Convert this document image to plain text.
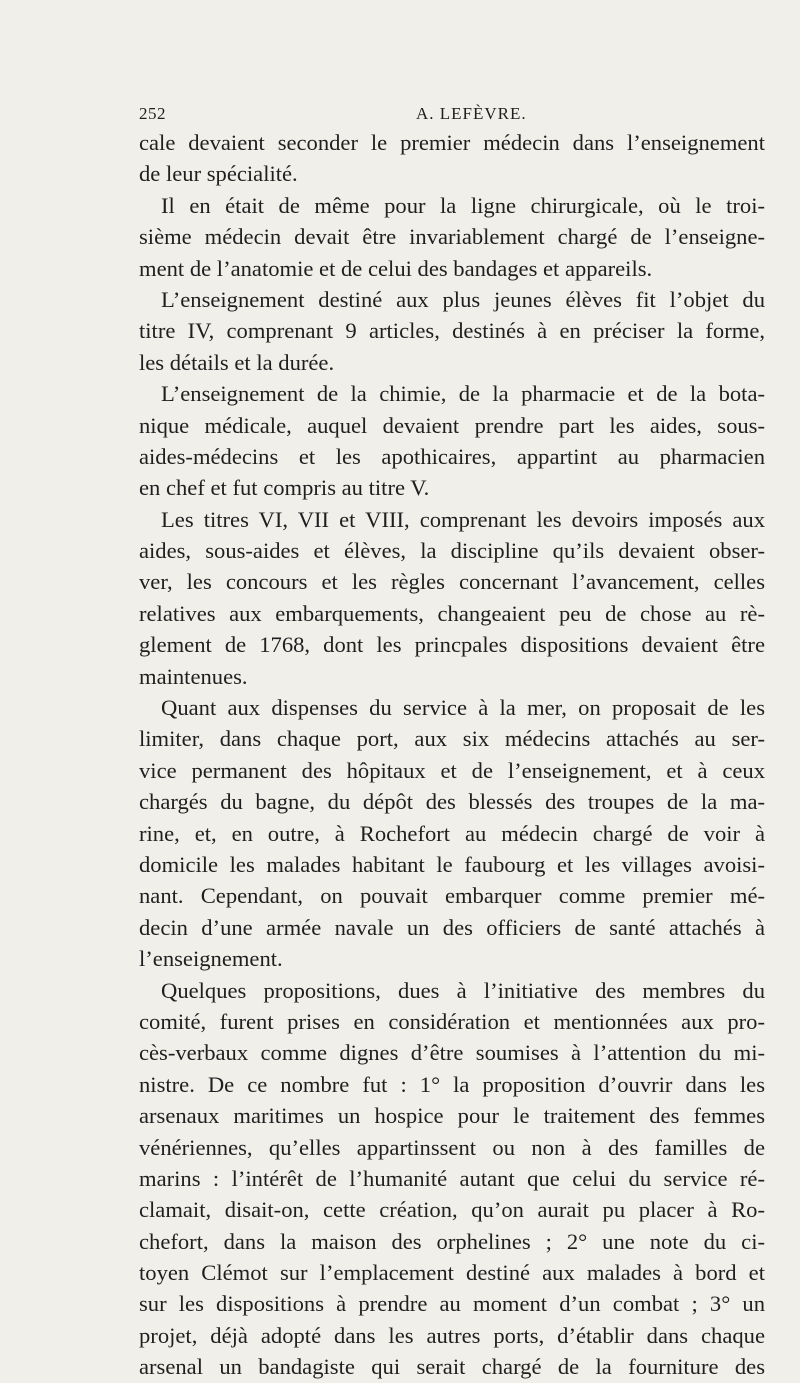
252	A. LEFÈVRE.
cale devaient seconder le premier médecin dans l’enseignement
de leur spécialité.
Il en était de même pour la ligne chirurgicale, où le troi-
sième médecin devait être invariablement chargé de l’enseigne-
ment de l’anatomie et de celui des bandages et appareils.
L’enseignement destiné aux plus jeunes élèves fit l’objet du
titre IV, comprenant 9 articles, destinés à en préciser la forme,
les détails et la durée.
L’enseignement de la chimie, de la pharmacie et de la bota-
nique médicale, auquel devaient prendre part les aides, sous-
aides-médecins et les apothicaires, appartint au pharmacien
en chef et fut compris au titre V.
Les titres VI, VII et VIII, comprenant les devoirs imposés aux
aides, sous-aides et élèves, la discipline qu’ils devaient obser-
ver, les concours et les règles concernant l’avancement, celles
relatives aux embarquements, changeaient peu de chose au rè-
glement de 1768, dont les princpales dispositions devaient être
maintenues.
Quant aux dispenses du service à la mer, on proposait de les
limiter, dans chaque port, aux six médecins attachés au ser-
vice permanent des hôpitaux et de l’enseignement, et à ceux
chargés du bagne, du dépôt des blessés des troupes de la ma-
rine, et, en outre, à Rochefort au médecin chargé de voir à
domicile les malades habitant le faubourg et les villages avoisi-
nant. Cependant, on pouvait embarquer comme premier mé-
decin d’une armée navale un des officiers de santé attachés à
l’enseignement.
Quelques propositions, dues à l’initiative des membres du
comité, furent prises en considération et mentionnées aux pro-
cès-verbaux comme dignes d’être soumises à l’attention du mi-
nistre. De ce nombre fut : 1° la proposition d’ouvrir dans les
arsenaux maritimes un hospice pour le traitement des femmes
vénériennes, qu’elles appartinssent ou non à des familles de
marins : l’intérêt de l’humanité autant que celui du service ré-
clamait, disait-on, cette création, qu’on aurait pu placer à Ro-
chefort, dans la maison des orphelines ; 2° une note du ci-
toyen Clémot sur l’emplacement destiné aux malades à bord et
sur les dispositions à prendre au moment d’un combat ; 3° un
projet, déjà adopté dans les autres ports, d’établir dans chaque
arsenal un bandagiste qui serait chargé de la fourniture des
